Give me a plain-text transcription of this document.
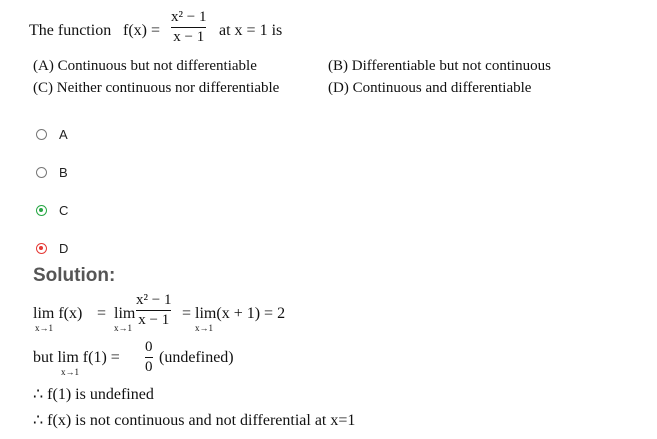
The function f(x) =
x² − 1
x − 1 at x = 1 is
(A) Continuous but not differentiable	(B) Differentiable but not continuous
(C) Neither continuous nor differentiable	(D) Continuous and differentiable
A
B
C
D
Solution:
lim f(x)
x→1
= lim
x→1
x² − 1
x − 1 = lim(x + 1) = 2
x→1
but lim f(1) =
x→1
0
0
(undefined)
∴ f(1) is undefined
∴ f(x) is not continuous and not differential at x=1
